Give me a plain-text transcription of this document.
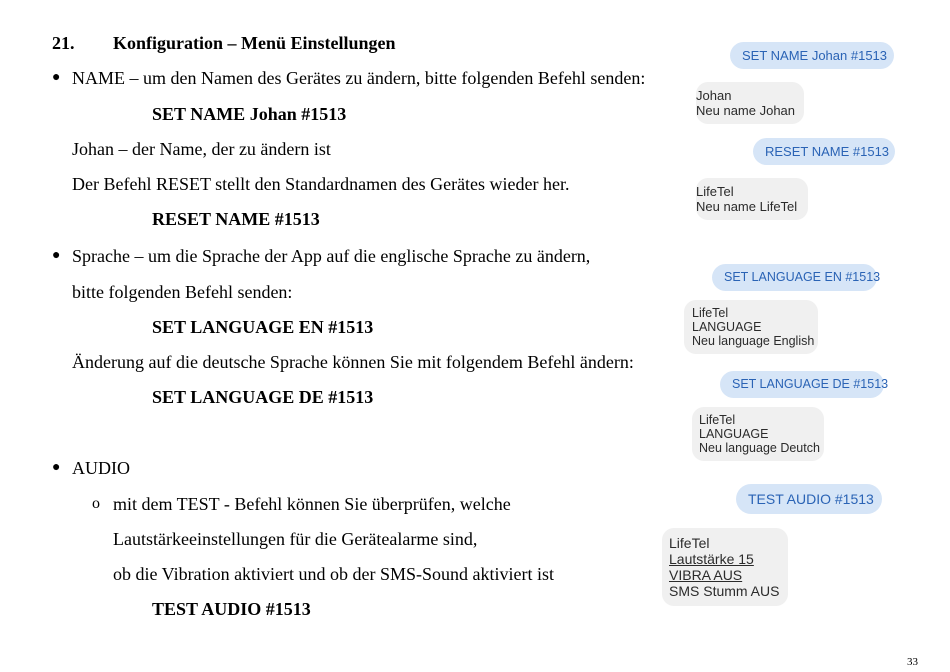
21. Konfiguration – Menü Einstellungen
● NAME – um den Namen des Gerätes zu ändern, bitte folgenden Befehl senden:
SET NAME Johan #1513
Johan – der Name, der zu ändern ist
Der Befehl RESET stellt den Standardnamen des Gerätes wieder her.
RESET NAME #1513
● Sprache – um die Sprache der App auf die englische Sprache zu ändern,
bitte folgenden Befehl senden:
SET LANGUAGE EN #1513
Änderung auf die deutsche Sprache können Sie mit folgendem Befehl ändern:
SET LANGUAGE DE #1513
● AUDIO
o mit dem TEST - Befehl können Sie überprüfen, welche
Lautstärkeeinstellungen für die Gerätealarme sind,
ob die Vibration aktiviert und ob der SMS-Sound aktiviert ist
TEST AUDIO #1513
SET NAME Johan #1513
Johan
Neu name Johan
RESET NAME #1513
LifeTel
Neu name LifeTel
SET LANGUAGE EN #1513
LifeTel
LANGUAGE
Neu language English
SET LANGUAGE DE #1513
LifeTel
LANGUAGE
Neu language Deutch
TEST AUDIO #1513
LifeTel
Lautstärke 15
VIBRA AUS
SMS Stumm AUS
33
